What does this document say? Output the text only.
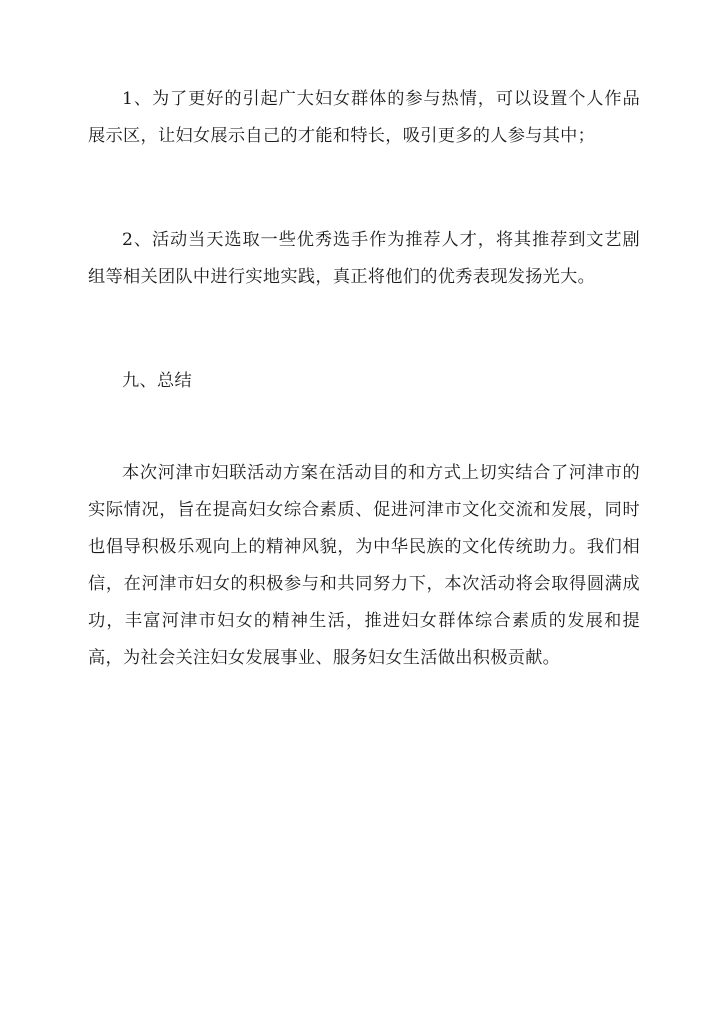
1、为了更好的引起广大妇女群体的参与热情，可以设置个人作品展示区，让妇女展示自己的才能和特长，吸引更多的人参与其中；

2、活动当天选取一些优秀选手作为推荐人才，将其推荐到文艺剧组等相关团队中进行实地实践，真正将他们的优秀表现发扬光大。

九、总结

本次河津市妇联活动方案在活动目的和方式上切实结合了河津市的实际情况，旨在提高妇女综合素质、促进河津市文化交流和发展，同时也倡导积极乐观向上的精神风貌，为中华民族的文化传统助力。我们相信，在河津市妇女的积极参与和共同努力下，本次活动将会取得圆满成功，丰富河津市妇女的精神生活，推进妇女群体综合素质的发展和提高，为社会关注妇女发展事业、服务妇女生活做出积极贡献。
